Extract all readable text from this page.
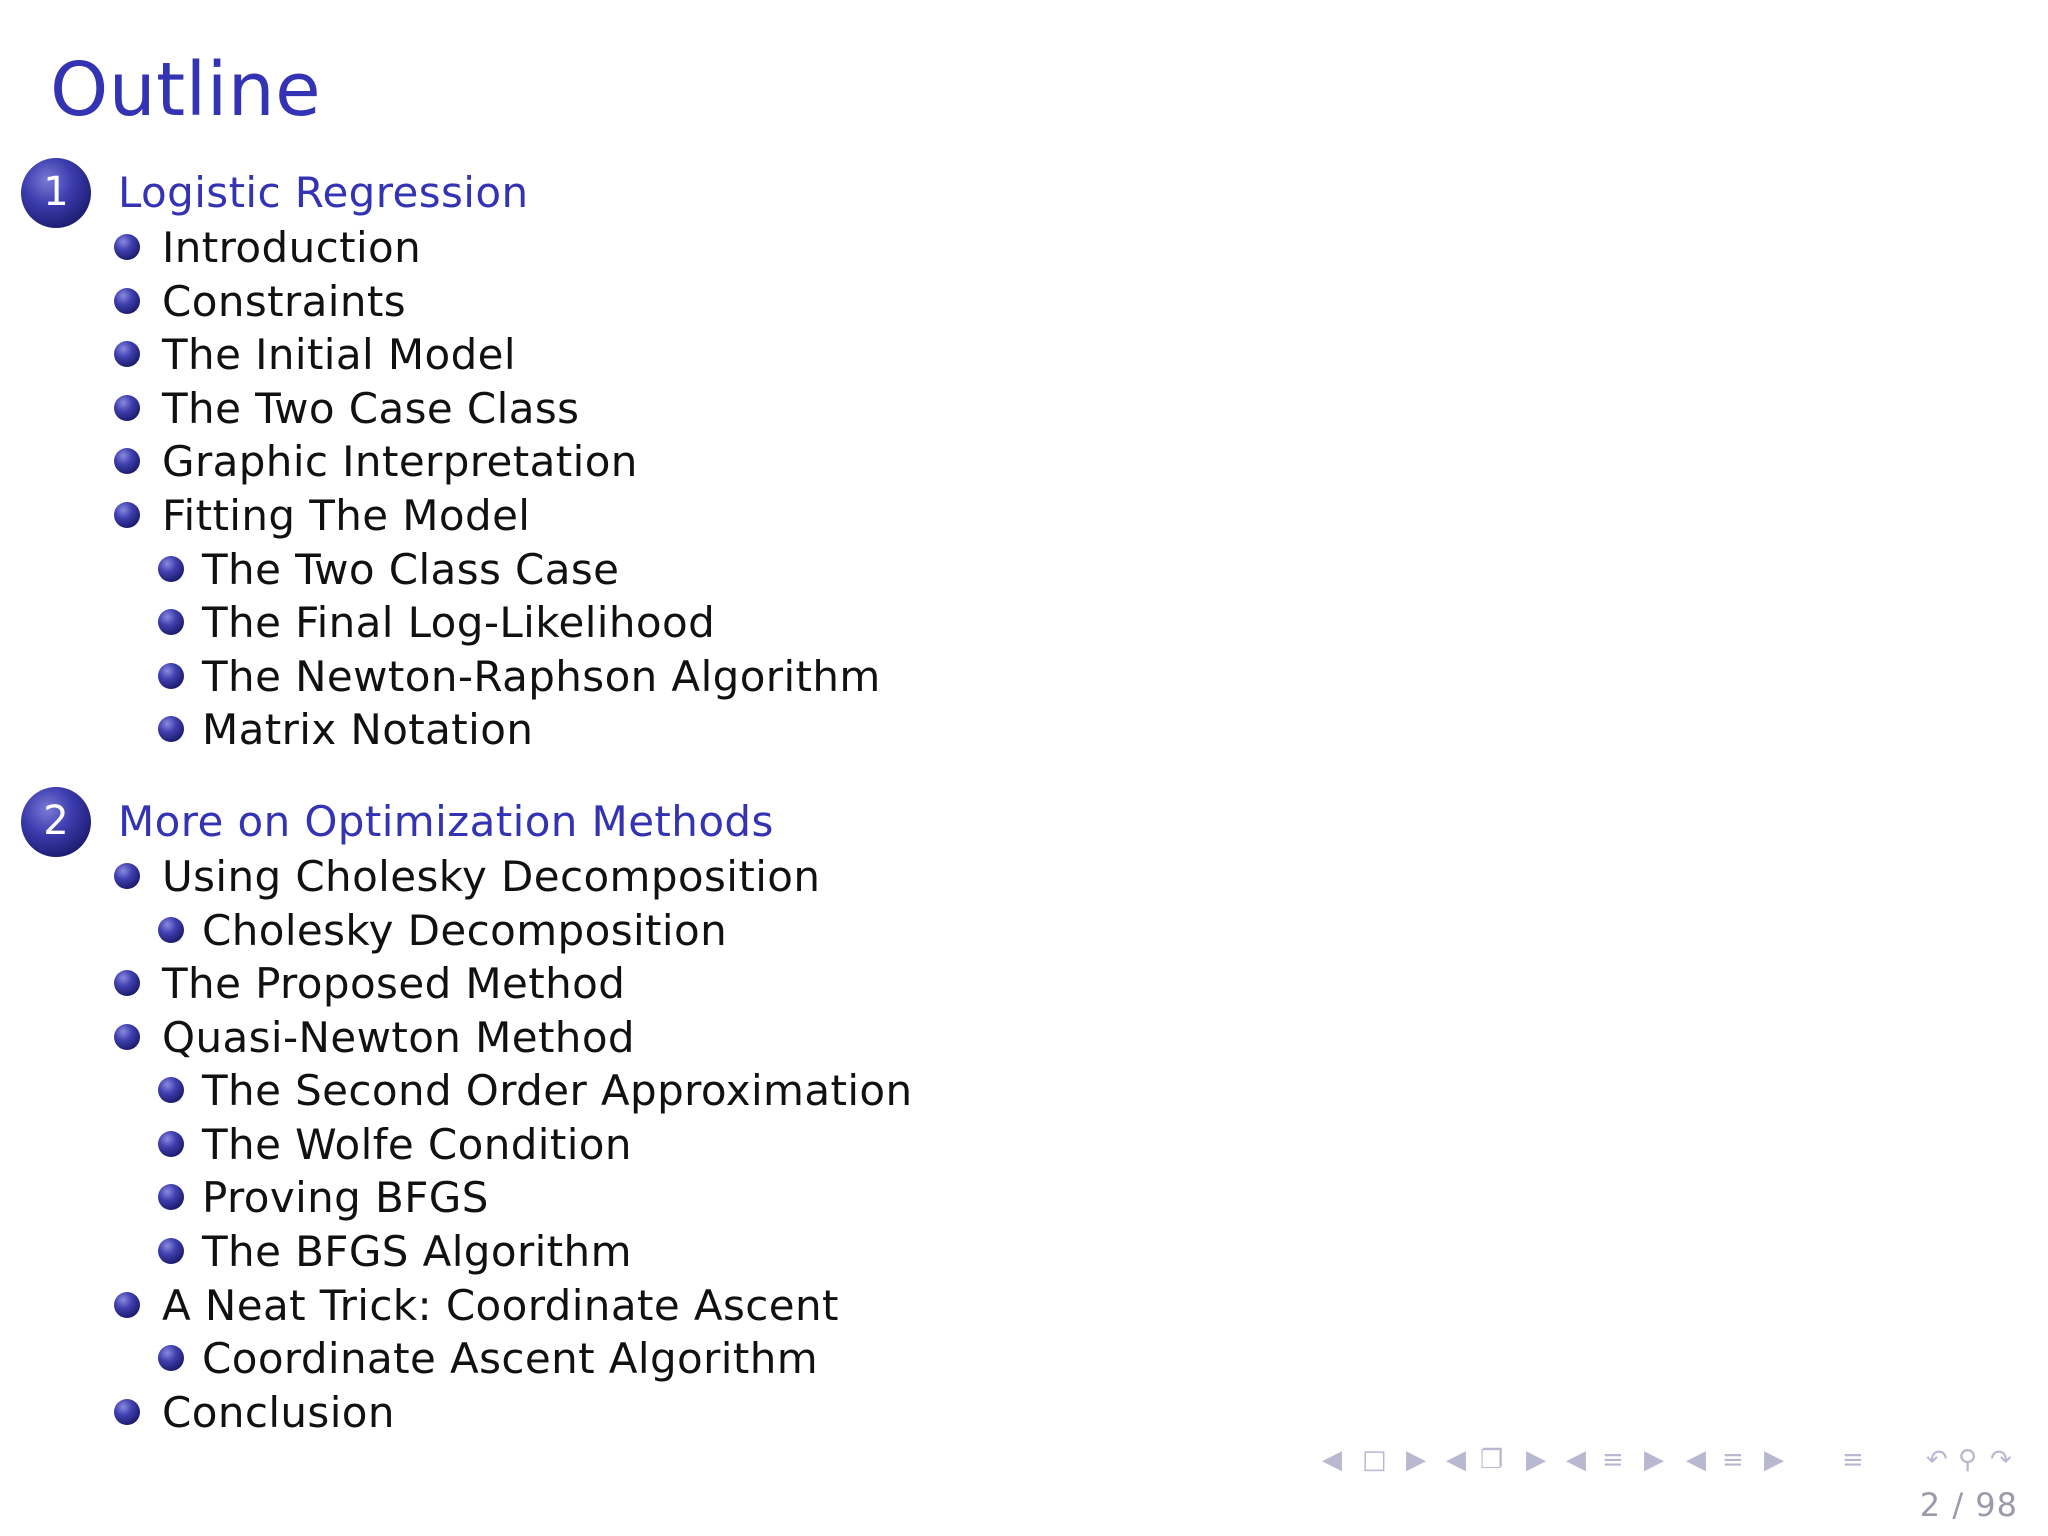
Outline
1	Logistic Regression
Introduction
Constraints
The Initial Model
The Two Case Class
Graphic Interpretation
Fitting The Model
The Two Class Case
The Final Log-Likelihood
The Newton-Raphson Algorithm
Matrix Notation
2	More on Optimization Methods
Using Cholesky Decomposition
Cholesky Decomposition
The Proposed Method
Quasi-Newton Method
The Second Order Approximation
The Wolfe Condition
Proving BFGS
The BFGS Algorithm
A Neat Trick: Coordinate Ascent
Coordinate Ascent Algorithm
Conclusion
◀ □ ▶ ◀ ❐ ▶ ◀ ≡ ▶ ◀ ≡ ▶ ≡ ↶ ⚲ ↷
2 / 98
